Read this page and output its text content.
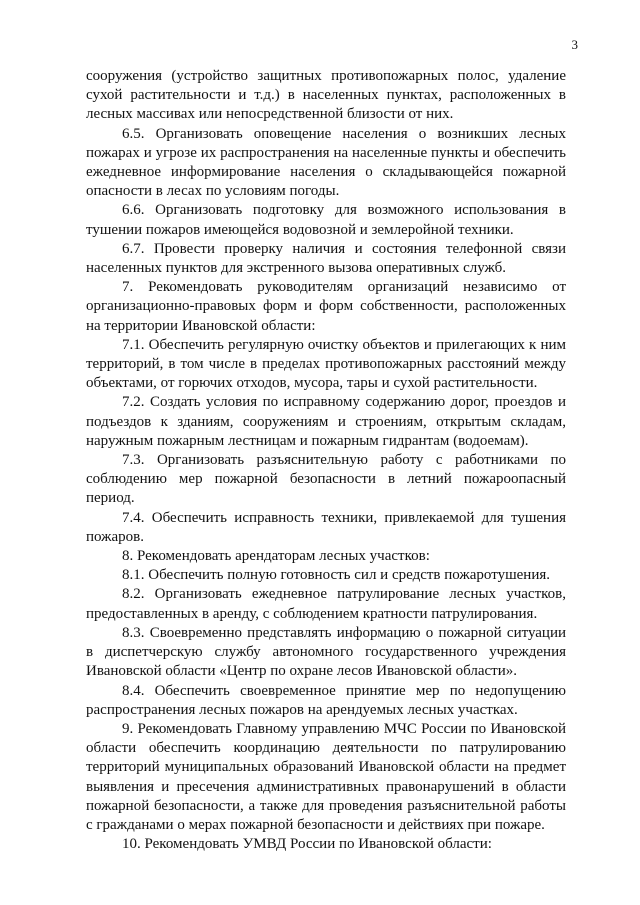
3

сооружения (устройство защитных противопожарных полос, удаление сухой растительности и т.д.) в населенных пунктах, расположенных в лесных массивах или непосредственной близости от них.

6.5. Организовать оповещение населения о возникших лесных пожарах и угрозе их распространения на населенные пункты и обеспечить ежедневное информирование населения о складывающейся пожарной опасности в лесах по условиям погоды.

6.6. Организовать подготовку для возможного использования в тушении пожаров имеющейся водовозной и землеройной техники.

6.7. Провести проверку наличия и состояния телефонной связи населенных пунктов для экстренного вызова оперативных служб.

7. Рекомендовать руководителям организаций независимо от организационно-правовых форм и форм собственности, расположенных на территории Ивановской области:

7.1. Обеспечить регулярную очистку объектов и прилегающих к ним территорий, в том числе в пределах противопожарных расстояний между объектами, от горючих отходов, мусора, тары и сухой растительности.

7.2. Создать условия по исправному содержанию дорог, проездов и подъездов к зданиям, сооружениям и строениям, открытым складам, наружным пожарным лестницам и пожарным гидрантам (водоемам).

7.3. Организовать разъяснительную работу с работниками по соблюдению мер пожарной безопасности в летний пожароопасный период.

7.4. Обеспечить исправность техники, привлекаемой для тушения пожаров.

8. Рекомендовать арендаторам лесных участков:

8.1. Обеспечить полную готовность сил и средств пожаротушения.

8.2. Организовать ежедневное патрулирование лесных участков, предоставленных в аренду, с соблюдением кратности патрулирования.

8.3. Своевременно представлять информацию о пожарной ситуации в диспетчерскую службу автономного государственного учреждения Ивановской области «Центр по охране лесов Ивановской области».

8.4. Обеспечить своевременное принятие мер по недопущению распространения лесных пожаров на арендуемых лесных участках.

9. Рекомендовать Главному управлению МЧС России по Ивановской области обеспечить координацию деятельности по патрулированию территорий муниципальных образований Ивановской области на предмет выявления и пресечения административных правонарушений в области пожарной безопасности, а также для проведения разъяснительной работы с гражданами о мерах пожарной безопасности и действиях при пожаре.

10. Рекомендовать УМВД России по Ивановской области:
